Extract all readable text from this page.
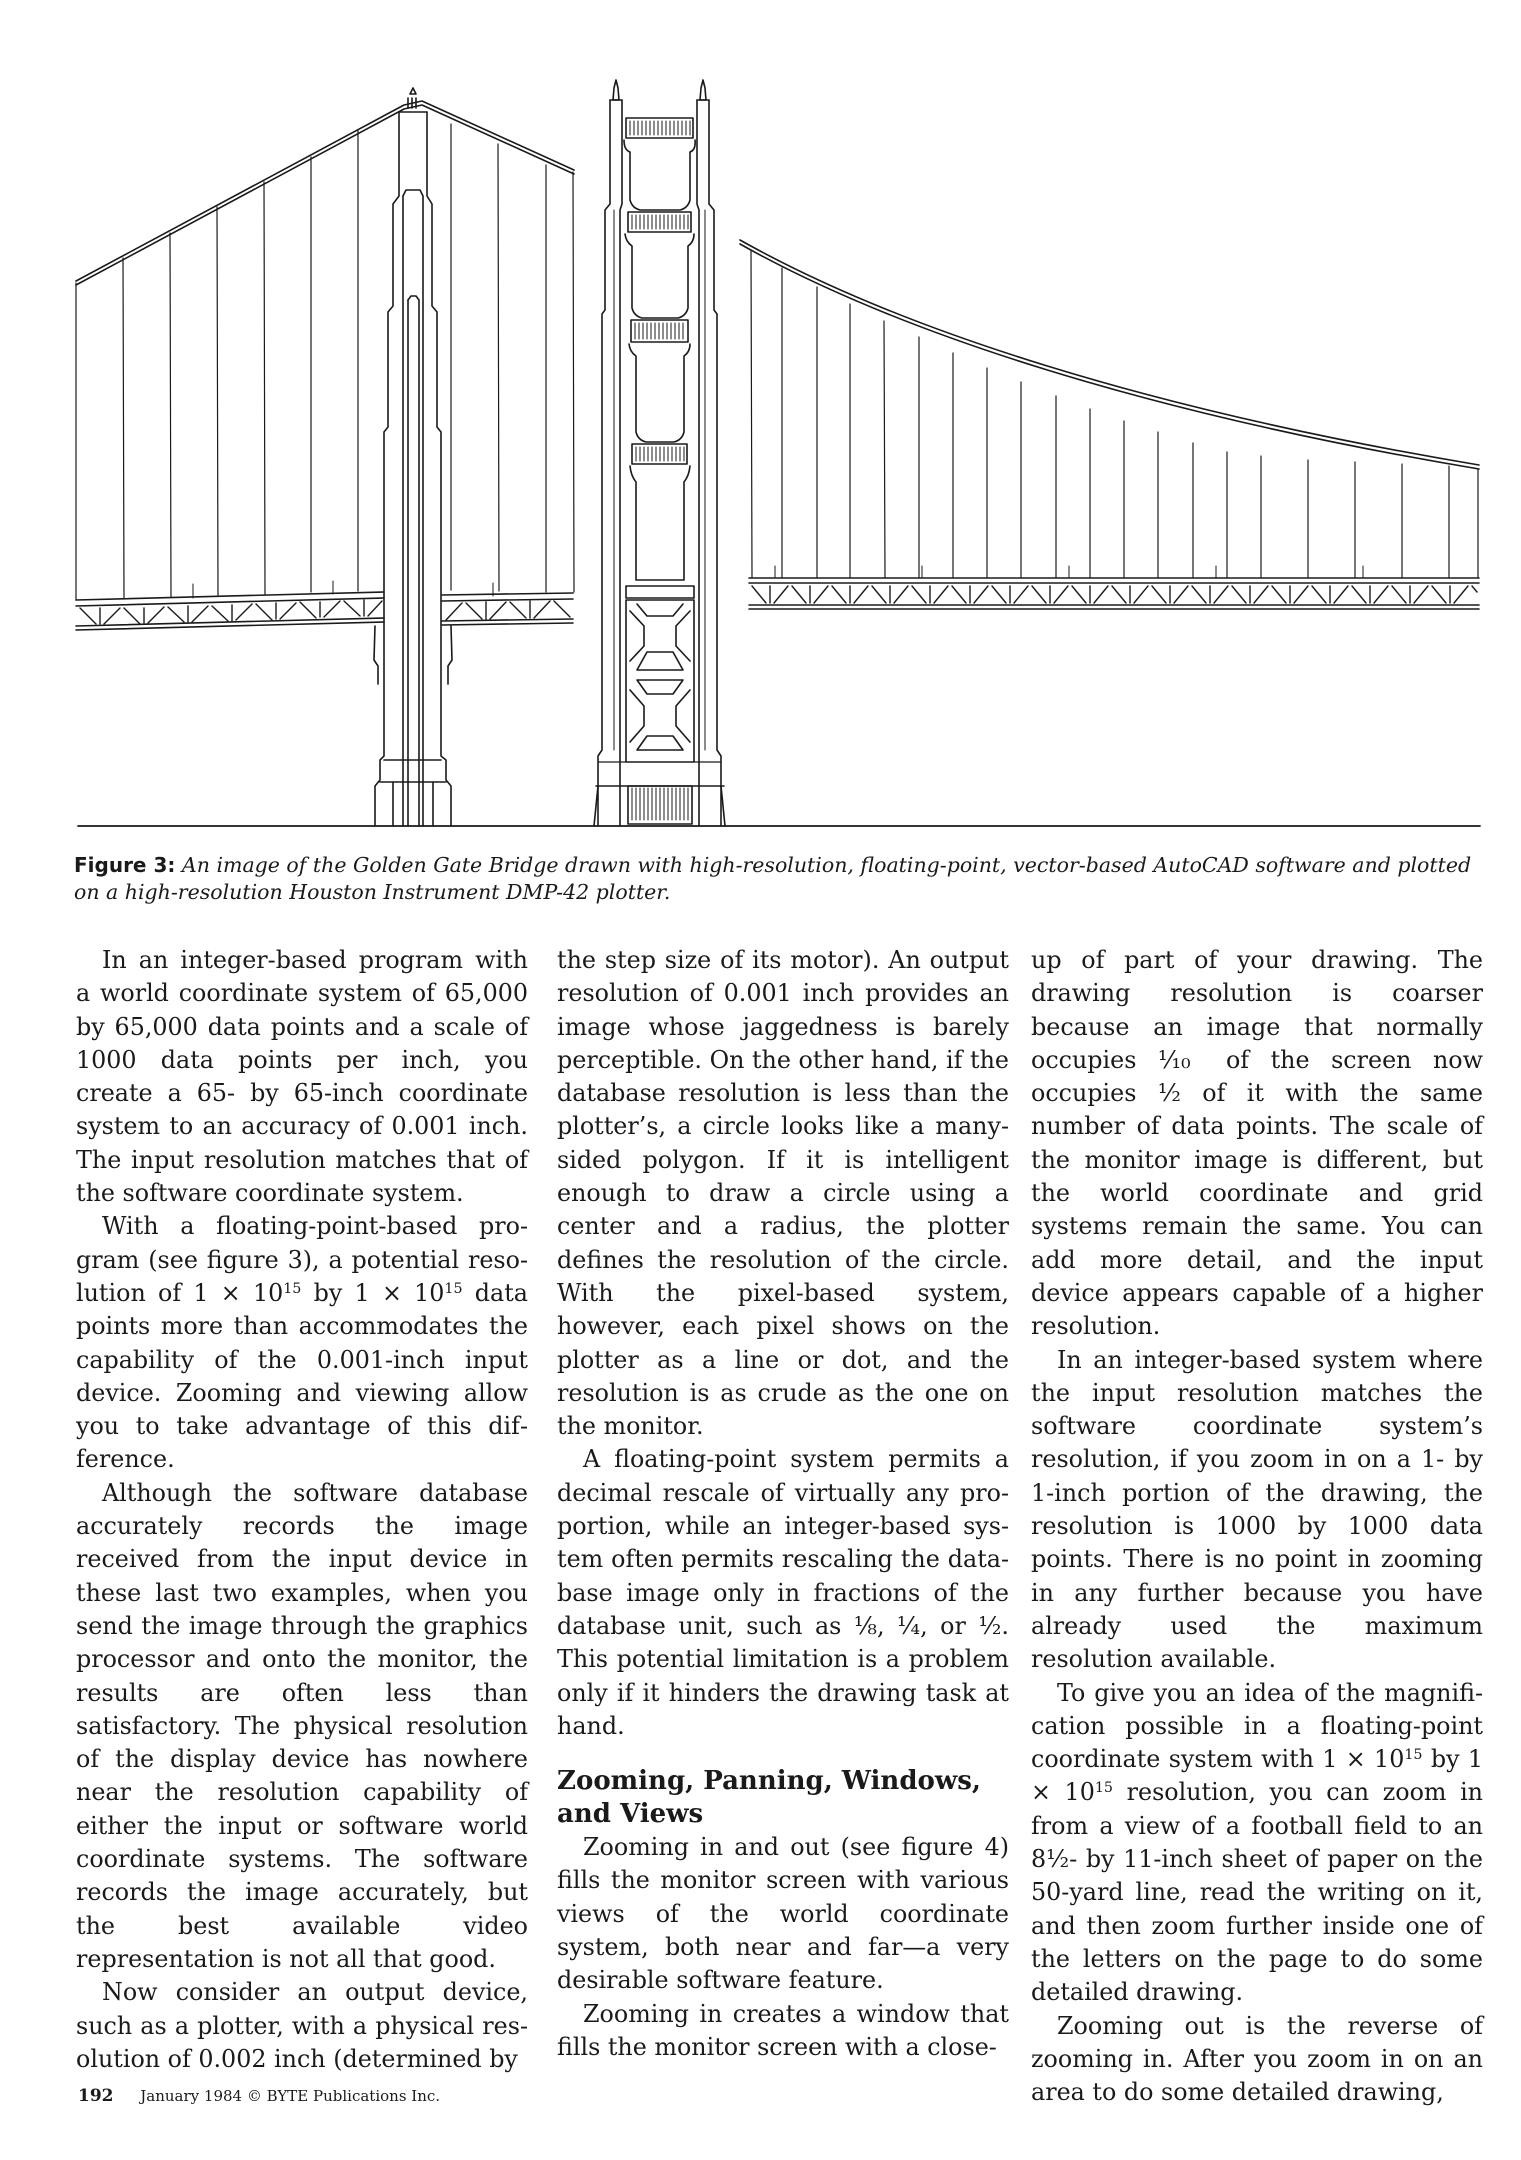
Figure 3: An image of the Golden Gate Bridge drawn with high-resolution, floating-point, vector-based AutoCAD software and plotted on a high-resolution Houston Instrument DMP-42 plotter.

In an integer-based program with a world coordinate system of 65,000 by 65,000 data points and a scale of 1000 data points per inch, you create a 65- by 65-inch coordinate system to an accuracy of 0.001 inch. The input resolution matches that of the software coordinate system.

With a floating-point-based program (see figure 3), a potential resolution of $1 \times 10^{15}$ by $1 \times 10^{15}$ data points more than accommodates the capability of the 0.001-inch input device. Zooming and viewing allow you to take advantage of this difference.

Although the software database accurately records the image received from the input device in these last two examples, when you send the image through the graphics processor and onto the monitor, the results are often less than satisfactory. The physical resolution of the display device has nowhere near the resolution capability of either the input or software world coordinate systems. The software records the image accurately, but the best available video representation is not all that good.

Now consider an output device, such as a plotter, with a physical resolution of 0.002 inch (determined by

the step size of its motor). An output resolution of 0.001 inch provides an image whose jaggedness is barely perceptible. On the other hand, if the database resolution is less than the plotter’s, a circle looks like a many-sided polygon. If it is intelligent enough to draw a circle using a center and a radius, the plotter defines the resolution of the circle. With the pixel-based system, however, each pixel shows on the plotter as a line or dot, and the resolution is as crude as the one on the monitor.

A floating-point system permits a decimal rescale of virtually any proportion, while an integer-based system often permits rescaling the database image only in fractions of the database unit, such as ⅛, ¼, or ½. This potential limitation is a problem only if it hinders the drawing task at hand.

Zooming, Panning, Windows, and Views

Zooming in and out (see figure 4) fills the monitor screen with various views of the world coordinate system, both near and far—a very desirable software feature.

Zooming in creates a window that fills the monitor screen with a close-

up of part of your drawing. The drawing resolution is coarser because an image that normally occupies ⅒ of the screen now occupies ½ of it with the same number of data points. The scale of the monitor image is different, but the world coordinate and grid systems remain the same. You can add more detail, and the input device appears capable of a higher resolution.

In an integer-based system where the input resolution matches the software coordinate system’s resolution, if you zoom in on a 1- by 1-inch portion of the drawing, the resolution is 1000 by 1000 data points. There is no point in zooming in any further because you have already used the maximum resolution available.

To give you an idea of the magnification possible in a floating-point coordinate system with $1 \times 10^{15}$ by $1 \times 10^{15}$ resolution, you can zoom in from a view of a football field to an 8½- by 11-inch sheet of paper on the 50-yard line, read the writing on it, and then zoom further inside one of the letters on the page to do some detailed drawing.

Zooming out is the reverse of zooming in. After you zoom in on an area to do some detailed drawing,

192 January 1984 © BYTE Publications Inc.
